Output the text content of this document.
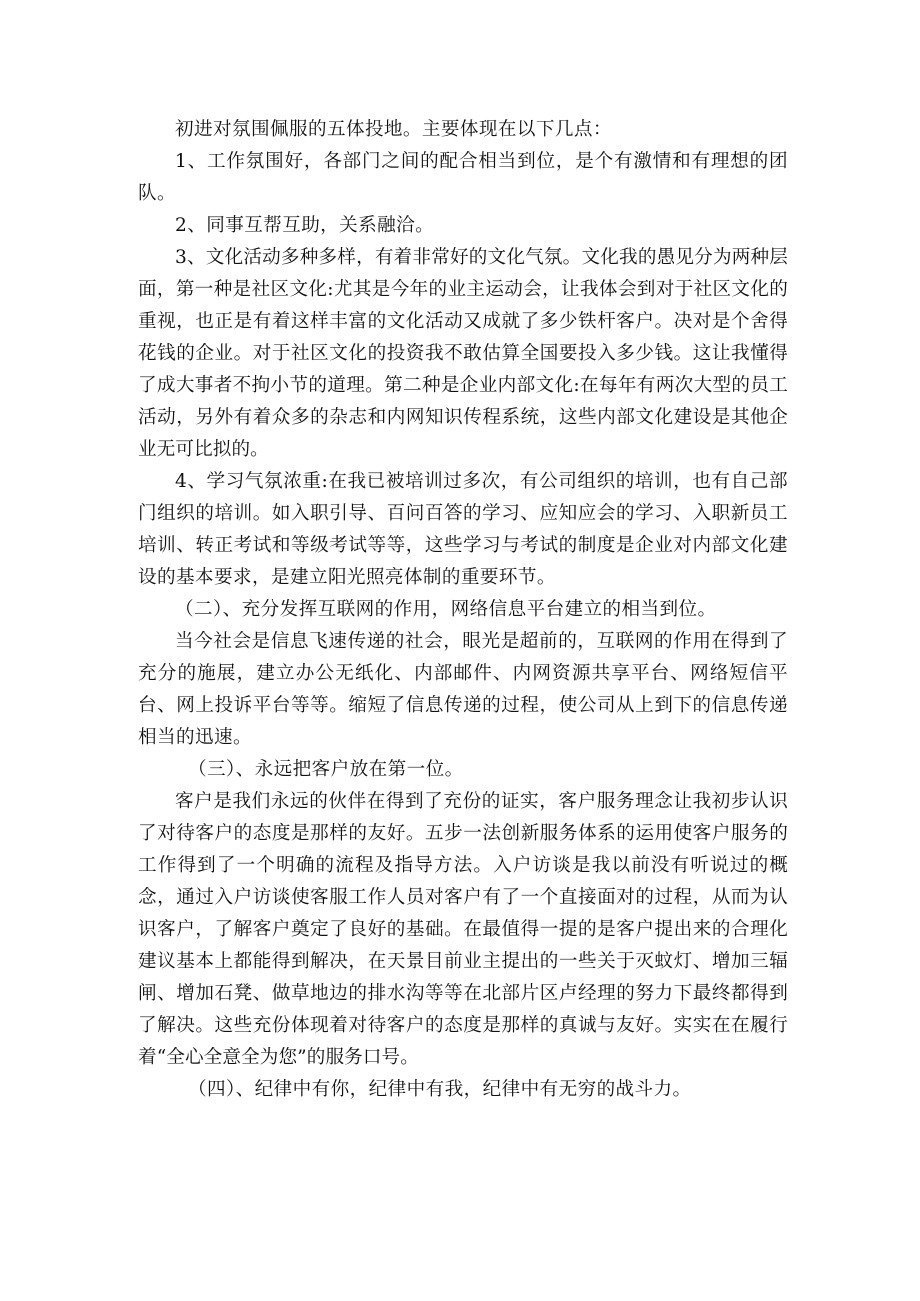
初进对氛围佩服的五体投地。主要体现在以下几点：

1、工作氛围好，各部门之间的配合相当到位，是个有激情和有理想的团队。

2、同事互帮互助，关系融洽。

3、文化活动多种多样，有着非常好的文化气氛。文化我的愚见分为两种层面，第一种是社区文化:尤其是今年的业主运动会，让我体会到对于社区文化的重视，也正是有着这样丰富的文化活动又成就了多少铁杆客户。决对是个舍得花钱的企业。对于社区文化的投资我不敢估算全国要投入多少钱。这让我懂得了成大事者不拘小节的道理。第二种是企业内部文化:在每年有两次大型的员工活动，另外有着众多的杂志和内网知识传程系统，这些内部文化建设是其他企业无可比拟的。

4、学习气氛浓重:在我已被培训过多次，有公司组织的培训，也有自己部门组织的培训。如入职引导、百问百答的学习、应知应会的学习、入职新员工培训、转正考试和等级考试等等，这些学习与考试的制度是企业对内部文化建设的基本要求，是建立阳光照亮体制的重要环节。

（二）、充分发挥互联网的作用，网络信息平台建立的相当到位。

当今社会是信息飞速传递的社会，眼光是超前的，互联网的作用在得到了充分的施展，建立办公无纸化、内部邮件、内网资源共享平台、网络短信平台、网上投诉平台等等。缩短了信息传递的过程，使公司从上到下的信息传递相当的迅速。

（三）、永远把客户放在第一位。

客户是我们永远的伙伴在得到了充份的证实，客户服务理念让我初步认识了对待客户的态度是那样的友好。五步一法创新服务体系的运用使客户服务的工作得到了一个明确的流程及指导方法。入户访谈是我以前没有听说过的概念，通过入户访谈使客服工作人员对客户有了一个直接面对的过程，从而为认识客户，了解客户奠定了良好的基础。在最值得一提的是客户提出来的合理化建议基本上都能得到解决，在天景目前业主提出的一些关于灭蚊灯、增加三辐闸、增加石凳、做草地边的排水沟等等在北部片区卢经理的努力下最终都得到了解决。这些充份体现着对待客户的态度是那样的真诚与友好。实实在在履行着“全心全意全为您”的服务口号。

（四）、纪律中有你，纪律中有我，纪律中有无穷的战斗力。
